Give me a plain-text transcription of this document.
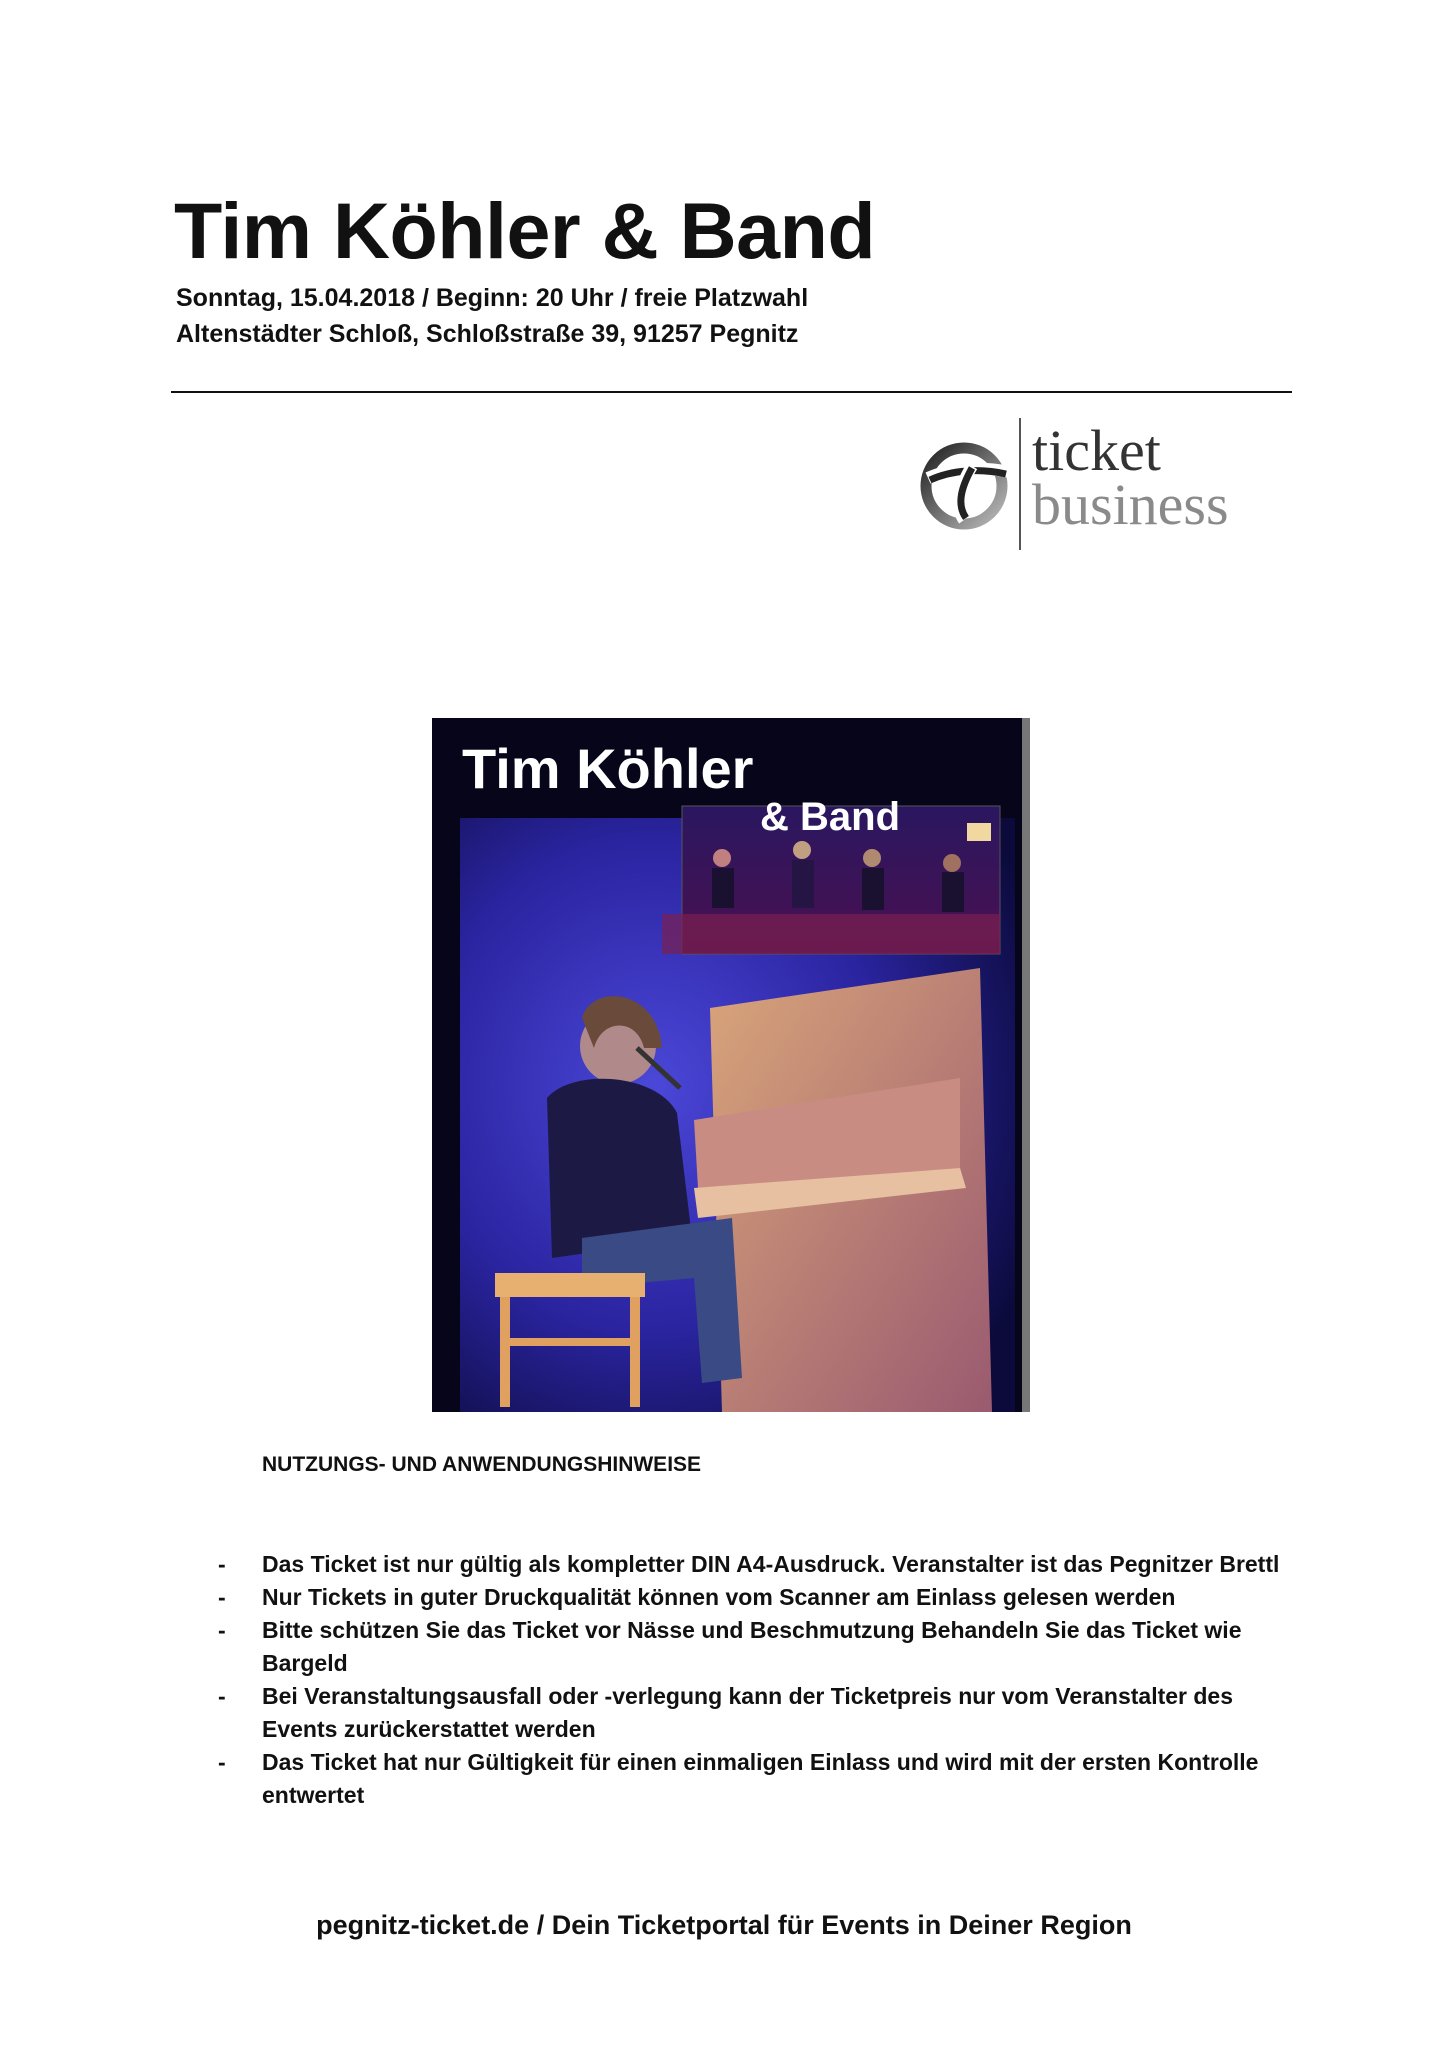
Tim Köhler & Band

Sonntag, 15.04.2018 / Beginn: 20 Uhr / freie Platzwahl

Altenstädter Schloß, Schloßstraße 39, 91257 Pegnitz

ticket
business
Tim Köhler
& Band

NUTZUNGS- UND ANWENDUNGSHINWEISE

- Das Ticket ist nur gültig als kompletter DIN A4-Ausdruck. Veranstalter ist das Pegnitzer Brettl
- Nur Tickets in guter Druckqualität können vom Scanner am Einlass gelesen werden
- Bitte schützen Sie das Ticket vor Nässe und Beschmutzung Behandeln Sie das Ticket wie Bargeld
- Bei Veranstaltungsausfall oder -verlegung kann der Ticketpreis nur vom Veranstalter des Events zurückerstattet werden
- Das Ticket hat nur Gültigkeit für einen einmaligen Einlass und wird mit der ersten Kontrolle entwertet

pegnitz-ticket.de / Dein Ticketportal für Events in Deiner Region
